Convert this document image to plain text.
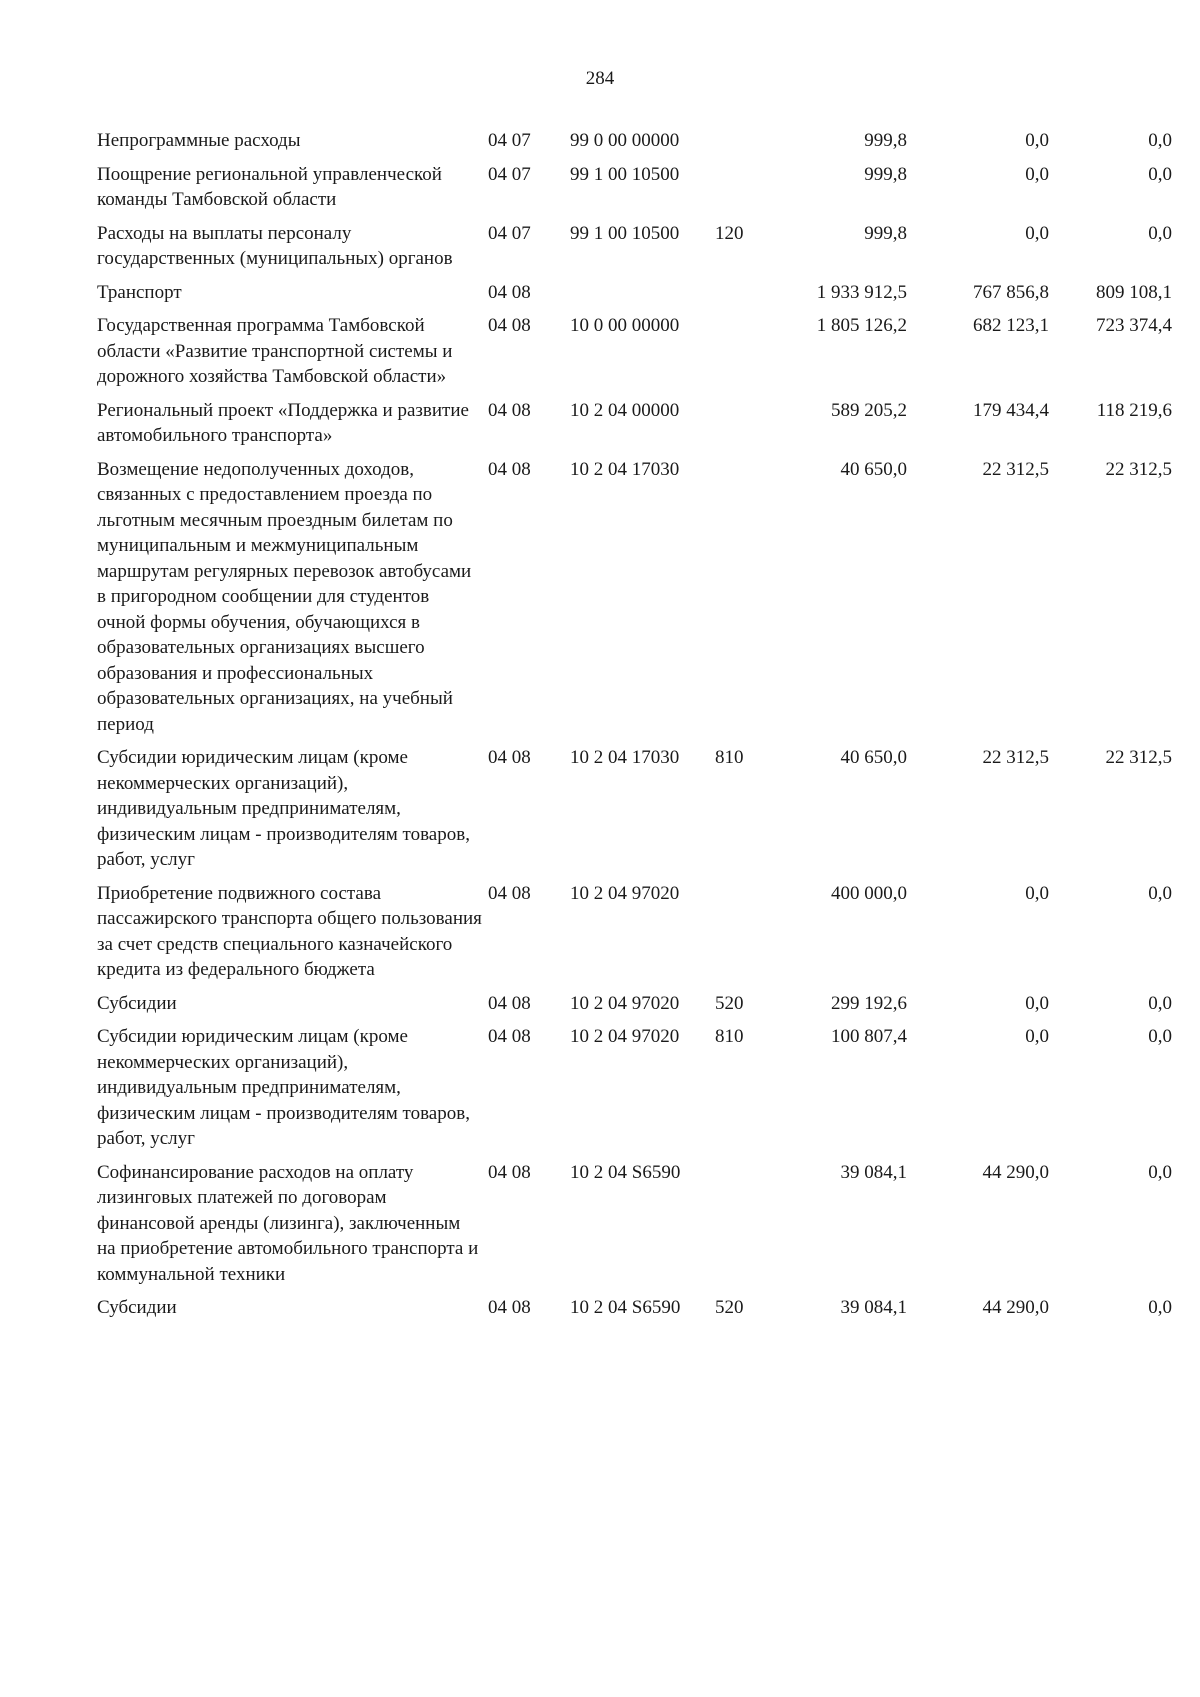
284
Непрограммные расходы	04 07	99 0 00 00000	999,8	0,0	0,0
Поощрение региональной управленческой команды Тамбовской области
04 07	99 1 00 10500	999,8	0,0	0,0
Расходы на выплаты персоналу государственных (муниципальных) органов
04 07	99 1 00 10500	120	999,8	0,0	0,0
Транспорт	04 08	1 933 912,5	767 856,8	809 108,1
Государственная программа Тамбовской области «Развитие транспортной системы и дорожного хозяйства Тамбовской области»
04 08	10 0 00 00000	1 805 126,2	682 123,1	723 374,4
Региональный проект «Поддержка и развитие автомобильного транспорта»
04 08	10 2 04 00000	589 205,2	179 434,4	118 219,6
Возмещение недополученных доходов, связанных с предоставлением проезда по льготным месячным проездным билетам по муниципальным и межмуниципальным маршрутам регулярных перевозок автобусами в пригородном сообщении для студентов очной формы обучения, обучающихся в образовательных организациях высшего образования и профессиональных образовательных организациях, на учебный период
04 08	10 2 04 17030	40 650,0	22 312,5	22 312,5
Субсидии юридическим лицам (кроме некоммерческих организаций), индивидуальным предпринимателям, физическим лицам - производителям товаров, работ, услуг
04 08	10 2 04 17030	810	40 650,0	22 312,5	22 312,5
Приобретение подвижного состава пассажирского транспорта общего пользования за счет средств специального казначейского кредита из федерального бюджета
04 08	10 2 04 97020	400 000,0	0,0	0,0
Субсидии	04 08	10 2 04 97020	520	299 192,6	0,0	0,0
Субсидии юридическим лицам (кроме некоммерческих организаций), индивидуальным предпринимателям, физическим лицам - производителям товаров, работ, услуг
04 08	10 2 04 97020	810	100 807,4	0,0	0,0
Софинансирование расходов на оплату лизинговых платежей по договорам финансовой аренды (лизинга), заключенным на приобретение автомобильного транспорта и коммунальной техники
04 08	10 2 04 S6590	39 084,1	44 290,0	0,0
Субсидии	04 08	10 2 04 S6590	520	39 084,1	44 290,0	0,0
